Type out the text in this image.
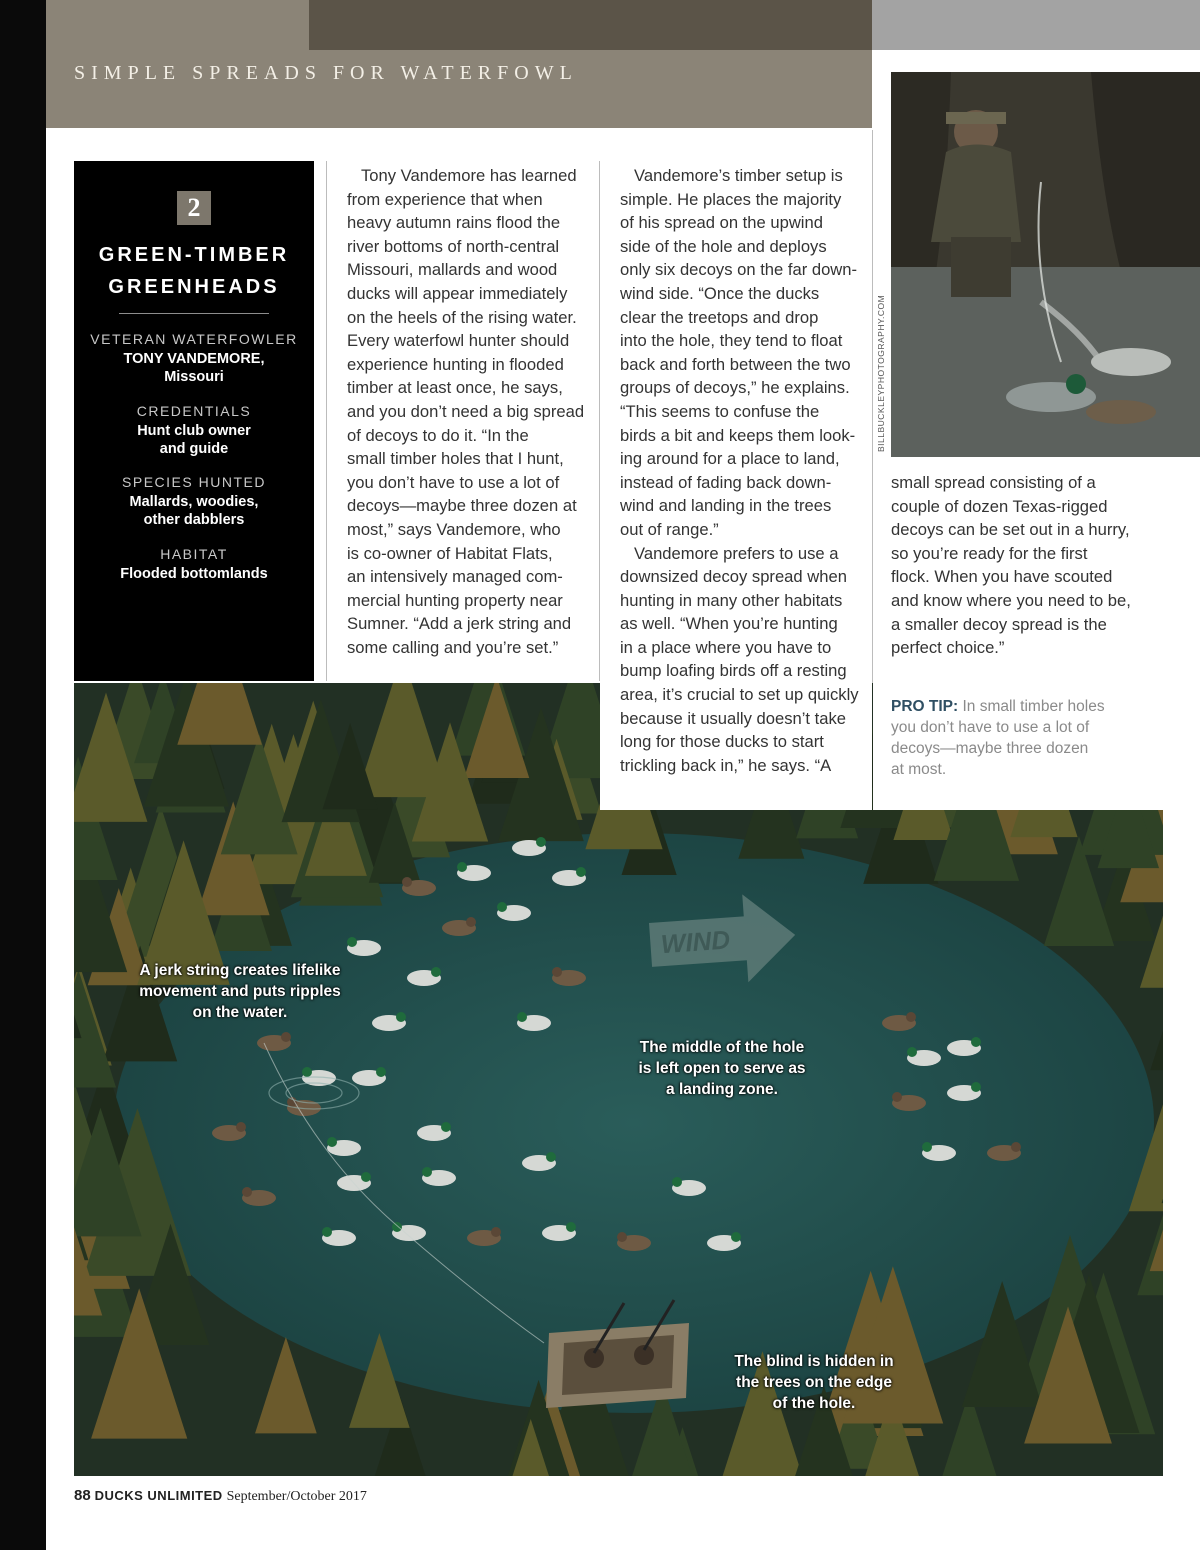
SIMPLE SPREADS FOR WATERFOWL
2
GREEN-TIMBER
GREENHEADS
VETERAN WATERFOWLER
TONY VANDEMORE,
Missouri
CREDENTIALS
Hunt club owner
and guide
SPECIES HUNTED
Mallards, woodies,
other dabblers
HABITAT
Flooded bottomlands
WIND
Tony Vandemore has learned
from experience that when
heavy autumn rains flood the
river bottoms of north-central
Missouri, mallards and wood
ducks will appear immediately
on the heels of the rising water.
Every waterfowl hunter should
experience hunting in flooded
timber at least once, he says,
and you don’t need a big spread
of decoys to do it. “In the
small timber holes that I hunt,
you don’t have to use a lot of
decoys—maybe three dozen at
most,” says Vandemore, who
is co-owner of Habitat Flats,
an intensively managed com-
mercial hunting property near
Sumner. “Add a jerk string and
some calling and you’re set.”
Vandemore’s timber setup is
simple. He places the majority
of his spread on the upwind
side of the hole and deploys
only six decoys on the far down-
wind side. “Once the ducks
clear the treetops and drop
into the hole, they tend to float
back and forth between the two
groups of decoys,” he explains.
“This seems to confuse the
birds a bit and keeps them look-
ing around for a place to land,
instead of fading back down-
wind and landing in the trees
out of range.”
Vandemore prefers to use a
downsized decoy spread when
hunting in many other habitats
as well. “When you’re hunting
in a place where you have to
bump loafing birds off a resting
area, it’s crucial to set up quickly
because it usually doesn’t take
long for those ducks to start
trickling back in,” he says. “A
BILLBUCKLEYPHOTOGRAPHY.COM
small spread consisting of a
couple of dozen Texas-rigged
decoys can be set out in a hurry,
so you’re ready for the first
flock. When you have scouted
and know where you need to be,
a smaller decoy spread is the
perfect choice.”
PRO TIP: In small timber holes
you don’t have to use a lot of
decoys—maybe three dozen
at most.
A jerk string creates lifelike
movement and puts ripples
on the water.
The middle of the hole
is left open to serve as
a landing zone.
The blind is hidden in
the trees on the edge
of the hole.
88 DUCKS UNLIMITED September/October 2017
